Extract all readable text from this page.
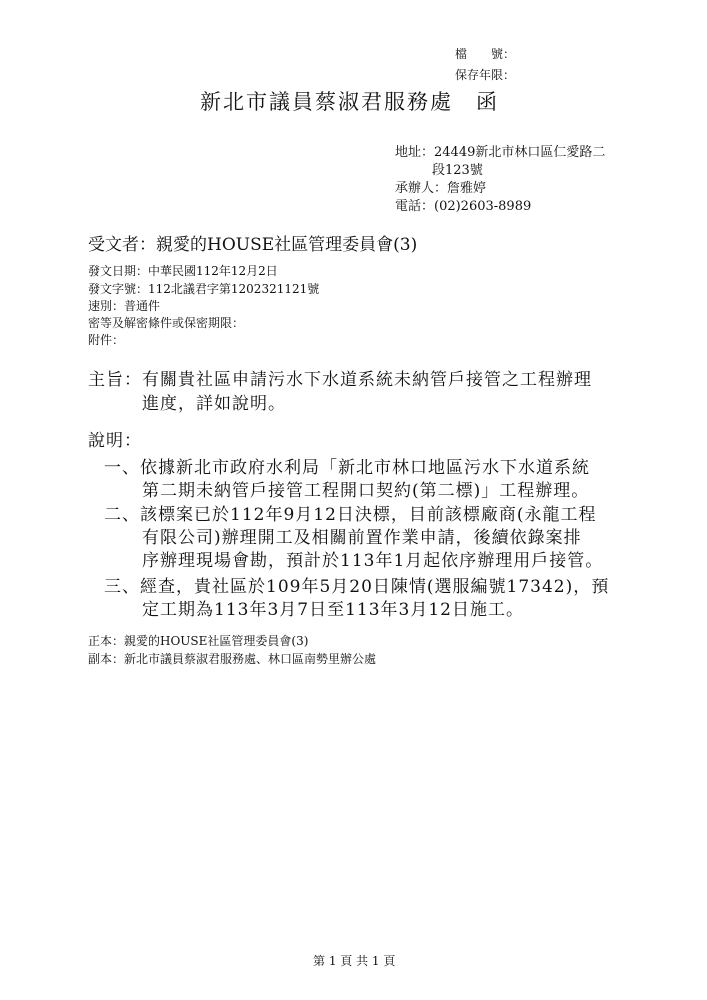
檔　　號：
保存年限：
新北市議員蔡淑君服務處　函
地址：24449新北市林口區仁愛路二
段123號
承辦人：詹雅婷
電話：(02)2603-8989
受文者：親愛的HOUSE社區管理委員會(3)
發文日期：中華民國112年12月2日
發文字號：112北議君字第1202321121號
速別：普通件
密等及解密條件或保密期限：
附件：
主旨：有關貴社區申請污水下水道系統未納管戶接管之工程辦理
進度，詳如說明。
說明：
一、依據新北市政府水利局「新北市林口地區污水下水道系統
第二期未納管戶接管工程開口契約(第二標)」工程辦理。
二、該標案已於112年9月12日決標，目前該標廠商(永龍工程
有限公司)辦理開工及相關前置作業申請，後續依錄案排
序辦理現場會勘，預計於113年1月起依序辦理用戶接管。
三、經查，貴社區於109年5月20日陳情(選服編號17342)，預
定工期為113年3月7日至113年3月12日施工。
正本：親愛的HOUSE社區管理委員會(3)
副本：新北市議員蔡淑君服務處、林口區南勢里辦公處
第 1 頁 共 1 頁
